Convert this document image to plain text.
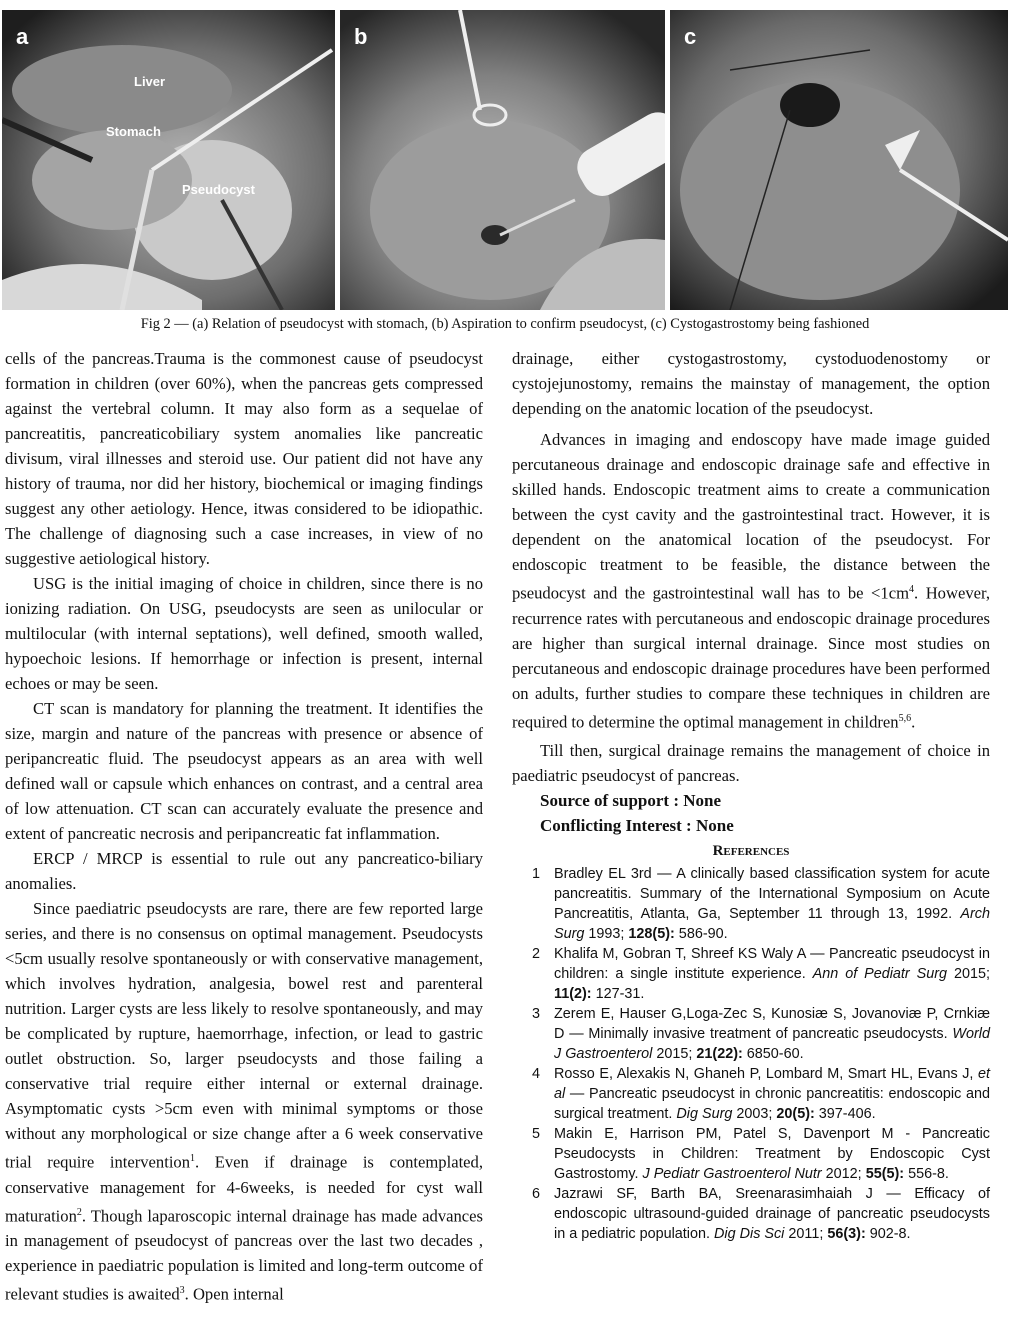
a
Liver
Stomach
Pseudocyst
b	c
Fig 2 — (a) Relation of pseudocyst with stomach, (b) Aspiration to confirm pseudocyst, (c) Cystogastrostomy being fashioned

cells of the pancreas.Trauma is the commonest cause of pseudocyst formation in children (over 60%), when the pancreas gets compressed against the vertebral column. It may also form as a sequelae of pancreatitis, pancreaticobiliary system anomalies like pancreatic divisum, viral illnesses and steroid use. Our patient did not have any history of trauma, nor did her history, biochemical or imaging findings suggest any other aetiology. Hence, itwas considered to be idiopathic. The challenge of diagnosing such a case increases, in view of no suggestive aetiological history.

USG is the initial imaging of choice in children, since there is no ionizing radiation. On USG, pseudocysts are seen as unilocular or multilocular (with internal septations), well defined, smooth walled, hypoechoic lesions. If hemorrhage or infection is present, internal echoes or may be seen.

CT scan is mandatory for planning the treatment. It identifies the size, margin and nature of the pancreas with presence or absence of peripancreatic fluid. The pseudocyst appears as an area with well defined wall or capsule which enhances on contrast, and a central area of low attenuation. CT scan can accurately evaluate the presence and extent of pancreatic necrosis and peripancreatic fat inflammation.

ERCP / MRCP is essential to rule out any pancreatico-biliary anomalies.

Since paediatric pseudocysts are rare, there are few reported large series, and there is no consensus on optimal management. Pseudocysts <5cm usually resolve spontaneously or with conservative management, which involves hydration, analgesia, bowel rest and parenteral nutrition. Larger cysts are less likely to resolve spontaneously, and may be complicated by rupture, haemorrhage, infection, or lead to gastric outlet obstruction. So, larger pseudocysts and those failing a conservative trial require either internal or external drainage. Asymptomatic cysts >5cm even with minimal symptoms or those without any morphological or size change after a 6 week conservative trial require intervention$^1$. Even if drainage is contemplated, conservative management for 4-6weeks, is needed for cyst wall maturation$^2$. Though laparoscopic internal drainage has made advances in management of pseudocyst of pancreas over the last two decades , experience in paediatric population is limited and long-term outcome of relevant studies is awaited$^3$. Open internal

drainage, either cystogastrostomy, cystoduodenostomy or cystojejunostomy, remains the mainstay of management, the option depending on the anatomic location of the pseudocyst.

Advances in imaging and endoscopy have made image guided percutaneous drainage and endoscopic drainage safe and effective in skilled hands. Endoscopic treatment aims to create a communication between the cyst cavity and the gastrointestinal tract. However, it is dependent on the anatomical location of the pseudocyst. For endoscopic treatment to be feasible, the distance between the pseudocyst and the gastrointestinal wall has to be $<1cm^4$. However, recurrence rates with percutaneous and endoscopic drainage procedures are higher than surgical internal drainage. Since most studies on percutaneous and endoscopic drainage procedures have been performed on adults, further studies to compare these techniques in children are required to determine the optimal management in children$^{5,6}$.

Till then, surgical drainage remains the management of choice in paediatric pseudocyst of pancreas.

Source of support : None
Conflicting Interest : None
References
1 Bradley EL 3rd — A clinically based classification system for acute pancreatitis. Summary of the International Symposium on Acute Pancreatitis, Atlanta, Ga, September 11 through 13, 1992. Arch Surg 1993; 128(5): 586-90.
2 Khalifa M, Gobran T, Shreef KS Waly A — Pancreatic pseudocyst in children: a single institute experience. Ann of Pediatr Surg 2015; 11(2): 127-31.
3 Zerem E, Hauser G,Loga-Zec S, Kunosiæ S, Jovanoviæ P, Crnkiæ D — Minimally invasive treatment of pancreatic pseudocysts. World J Gastroenterol 2015; 21(22): 6850-60.
4 Rosso E, Alexakis N, Ghaneh P, Lombard M, Smart HL, Evans J, et al — Pancreatic pseudocyst in chronic pancreatitis: endoscopic and surgical treatment. Dig Surg 2003; 20(5): 397-406.
5 Makin E, Harrison PM, Patel S, Davenport M - Pancreatic Pseudocysts in Children: Treatment by Endoscopic Cyst Gastrostomy. J Pediatr Gastroenterol Nutr 2012; 55(5): 556-8.
6 Jazrawi SF, Barth BA, Sreenarasimhaiah J — Efficacy of endoscopic ultrasound-guided drainage of pancreatic pseudocysts in a pediatric population. Dig Dis Sci 2011; 56(3): 902-8.
